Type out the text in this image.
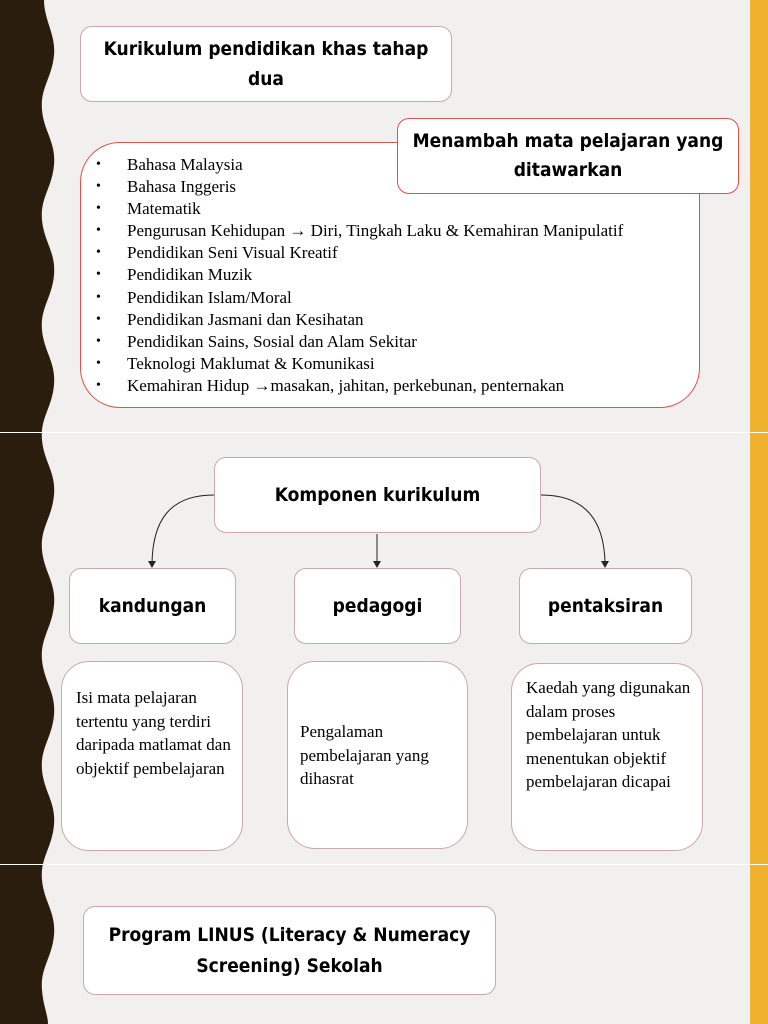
Kurikulum pendidikan khas tahap dua
• Bahasa Malaysia
• Bahasa Inggeris
• Matematik
• Pengurusan Kehidupan → Diri, Tingkah Laku & Kemahiran Manipulatif
• Pendidikan Seni Visual Kreatif
• Pendidikan Muzik
• Pendidikan Islam/Moral
• Pendidikan Jasmani dan Kesihatan
• Pendidikan Sains, Sosial dan Alam Sekitar
• Teknologi Maklumat & Komunikasi
• Kemahiran Hidup →masakan, jahitan, perkebunan, penternakan
Menambah mata pelajaran yang ditawarkan
Komponen kurikulum
kandungan	pedagogi	pentaksiran
Isi mata pelajaran tertentu yang terdiri daripada matlamat dan objektif pembelajaran
Pengalaman pembelajaran yang dihasrat
Kaedah yang digunakan dalam proses pembelajaran untuk menentukan objektif pembelajaran dicapai
Program LINUS (Literacy & Numeracy Screening) Sekolah
